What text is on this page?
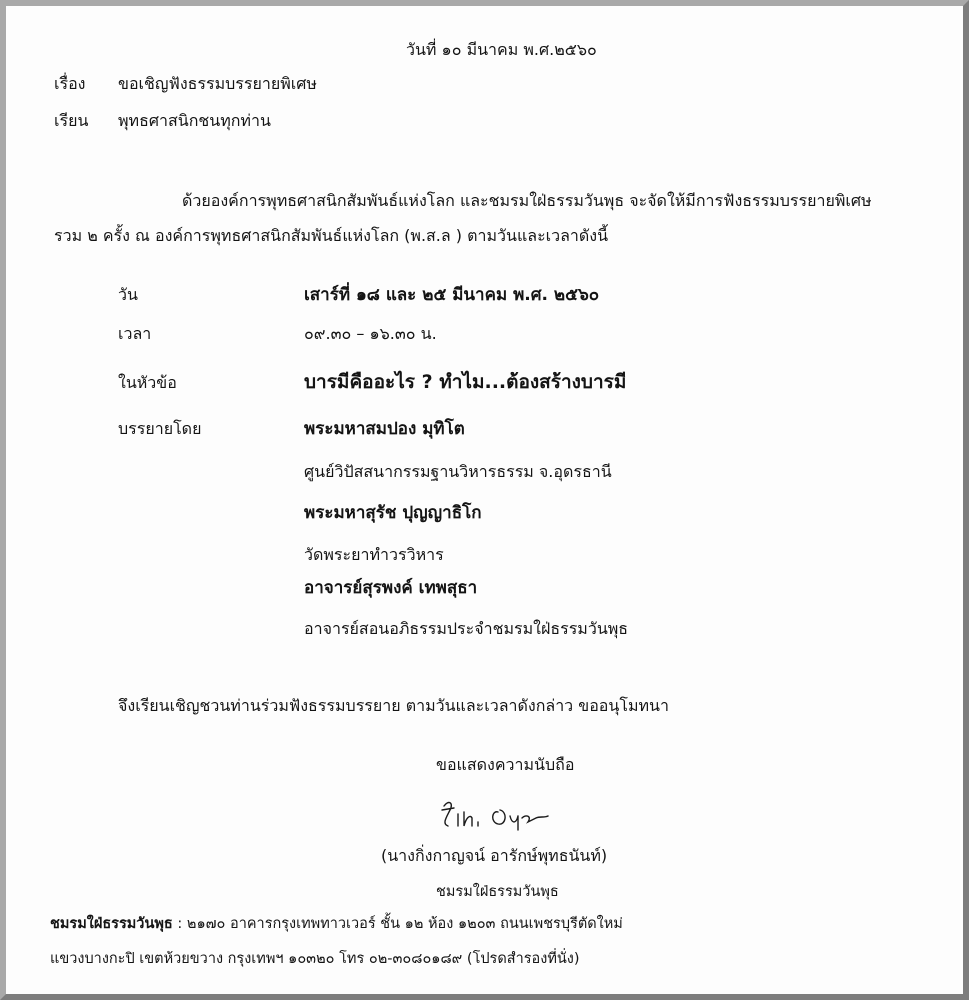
วันที่ ๑๐ มีนาคม พ.ศ.๒๕๖๐
เรื่อง ขอเชิญฟังธรรมบรรยายพิเศษ
เรียน พุทธศาสนิกชนทุกท่าน
ด้วยองค์การพุทธศาสนิกสัมพันธ์แห่งโลก และชมรมใฝ่ธรรมวันพุธ จะจัดให้มีการฟังธรรมบรรยายพิเศษ
รวม ๒ ครั้ง ณ องค์การพุทธศาสนิกสัมพันธ์แห่งโลก (พ.ส.ล ) ตามวันและเวลาดังนี้
วัน	เสาร์ที่ ๑๘ และ ๒๕ มีนาคม พ.ศ. ๒๕๖๐
เวลา	๐๙.๓๐ – ๑๖.๓๐ น.
ในหัวข้อ	บารมีคืออะไร ? ทำไม...ต้องสร้างบารมี
บรรยายโดย	พระมหาสมปอง มุทิโต
ศูนย์วิปัสสนากรรมฐานวิหารธรรม จ.อุดรธานี
พระมหาสุรัช ปุญญาธิโก
วัดพระยาทำวรวิหาร
อาจารย์สุรพงค์ เทพสุธา
อาจารย์สอนอภิธรรมประจำชมรมใฝ่ธรรมวันพุธ
จึงเรียนเชิญชวนท่านร่วมฟังธรรมบรรยาย ตามวันและเวลาดังกล่าว ขออนุโมทนา
ขอแสดงความนับถือ
(นางกิ่งกาญจน์ อารักษ์พุทธนันท์)
ชมรมใฝ่ธรรมวันพุธ
ชมรมใฝ่ธรรมวันพุธ : ๒๑๗๐ อาคารกรุงเทพทาวเวอร์ ชั้น ๑๒ ห้อง ๑๒๐๓ ถนนเพชรบุรีตัดใหม่
แขวงบางกะปิ เขตห้วยขวาง กรุงเทพฯ ๑๐๓๒๐ โทร ๐๒-๓๐๘๐๑๘๙ (โปรดสำรองที่นั่ง)
